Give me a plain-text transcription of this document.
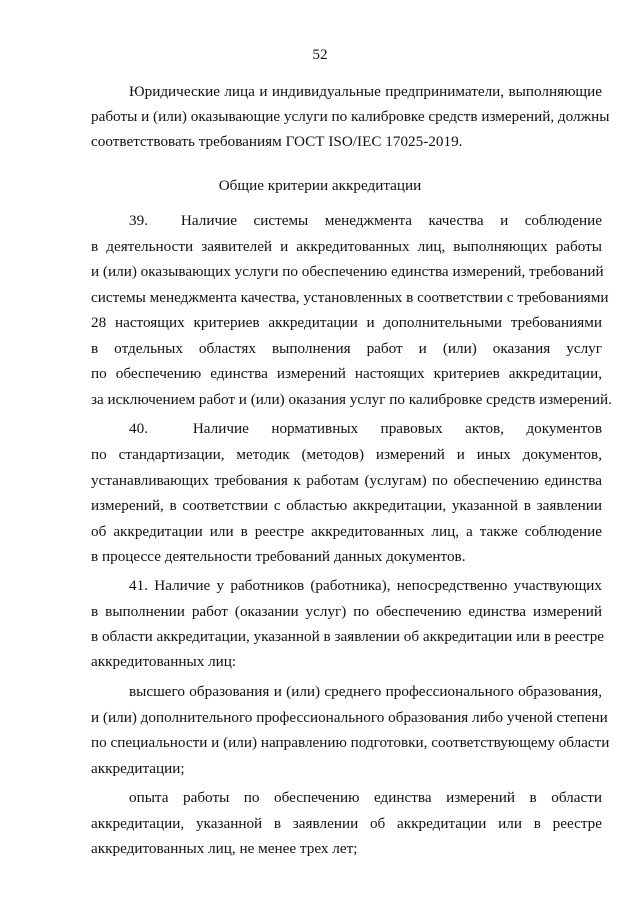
52

Юридические лица и индивидуальные предприниматели, выполняющие

работы и (или) оказывающие услуги по калибровке средств измерений, должны

соответствовать требованиям ГОСТ ISO/IEC 17025-2019.

Общие критерии аккредитации

39.  Наличие системы менеджмента качества и соблюдение

в деятельности заявителей и аккредитованных лиц, выполняющих работы

и (или) оказывающих услуги по обеспечению единства измерений, требований

системы менеджмента качества, установленных в соответствии с требованиями

28 настоящих критериев аккредитации и дополнительными требованиями

в отдельных областях выполнения работ и (или) оказания услуг

по обеспечению единства измерений настоящих критериев аккредитации,

за исключением работ и (или) оказания услуг по калибровке средств измерений.

40.  Наличие нормативных правовых актов, документов

по стандартизации, методик (методов) измерений и иных документов,

устанавливающих требования к работам (услугам) по обеспечению единства

измерений, в соответствии с областью аккредитации, указанной в заявлении

об аккредитации или в реестре аккредитованных лиц, а также соблюдение

в процессе деятельности требований данных документов.

41. Наличие у работников (работника), непосредственно участвующих

в выполнении работ (оказании услуг) по обеспечению единства измерений

в области аккредитации, указанной в заявлении об аккредитации или в реестре

аккредитованных лиц:

высшего образования и (или) среднего профессионального образования,

и (или) дополнительного профессионального образования либо ученой степени

по специальности и (или) направлению подготовки, соответствующему области

аккредитации;

опыта работы по обеспечению единства измерений в области

аккредитации, указанной в заявлении об аккредитации или в реестре

аккредитованных лиц, не менее трех лет;
